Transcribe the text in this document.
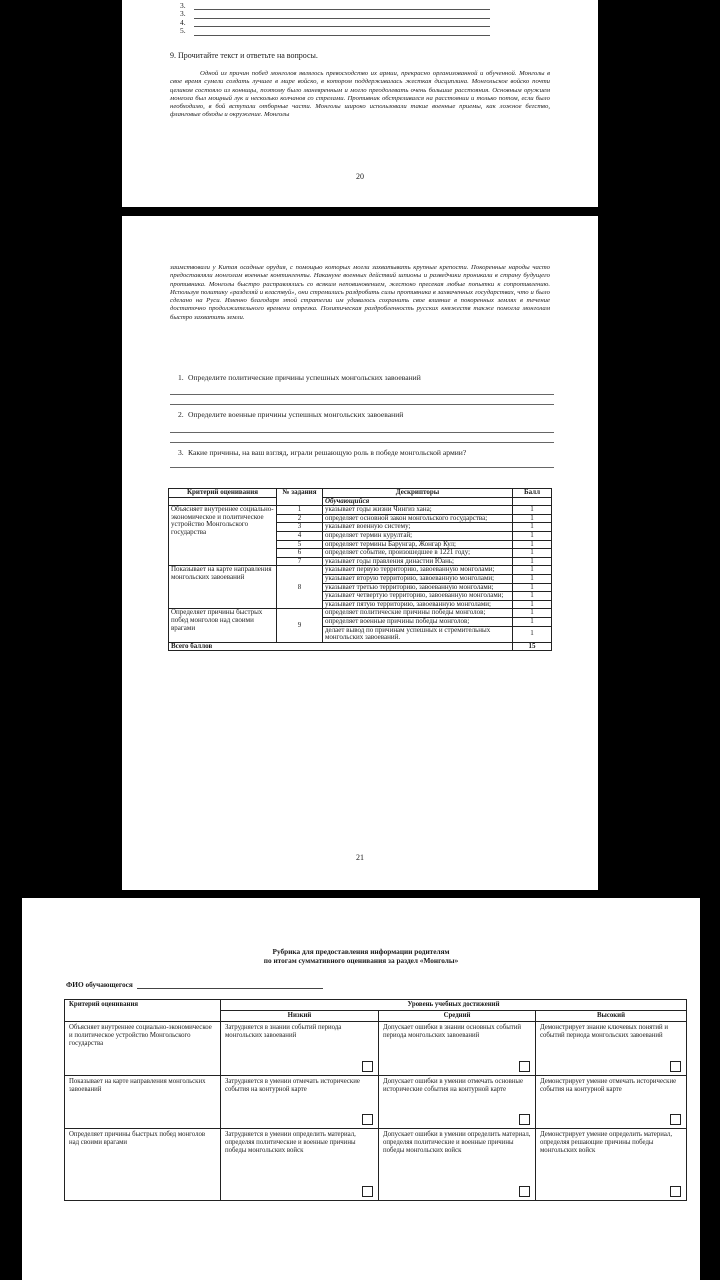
3.
3.
4.
5.
9. Прочитайте текст и ответьте на вопросы.

Одной из причин побед монголов являлось превосходство их армии, прекрасно организованной и обученной. Монголы в свое время сумели создать лучшее в мире войско, в котором поддерживалась жесткая дисциплина. Монгольское войско почти целиком состояло из конницы, поэтому было маневренным и могло преодолевать очень большие расстояния. Основным оружием монгола был мощный лук и несколько колчанов со стрелами. Противник обстреливался на расстоянии и только потом, если было необходимо, в бой вступали отборные части. Монголы широко использовали такие военные приемы, как ложное бегство, фланговые обходы и окружение. Монголы

20

заимствовали у Китая осадные орудия, с помощью которых могли захватывать крупные крепости. Покоренные народы часто предоставляли монголам военные контингенты. Накануне военных действий шпионы и разведчики проникали в страну будущего противника. Монголы быстро расправлялись со всяким неповиновением, жестоко пресекая любые попытки к сопротивлению. Используя политику «разделяй и властвуй», они стремились раздробить силы противника в захваченных государствах, что и было сделано на Руси. Именно благодаря этой стратегии им удавалось сохранить свое влияние в покоренных землях в течение достаточно продолжительного времени отрезка. Политическая раздробленность русских княжеств также помогла монголам быстро захватить земли.

1. Определите политические причины успешных монгольских завоеваний
2. Определите военные причины успешных монгольских завоеваний
3. Какие причины, на ваш взгляд, играли решающую роль в победе монгольской армии?
Критерий оценивания	№ задания	Дескрипторы	Балл
		Обучающийся	
Объясняет внутреннее социально-экономическое и политическое устройство Монгольского государства	1	указывает годы жизни Чингиз хана;	1
	2	определяет основной закон монгольского государства;	1
	3	указывает военную систему;	1
	4	определяет термин курултай;	1
	5	определяет термины Барунгар, Жонгар Кул;	1
	6	определяет событие, произошедшее в 1221 году;	1
	7	указывает годы правления династии Юань;	1
Показывает на карте направления монгольских завоеваний	8	указывает первую территорию, завоеванную монголами;	1
		указывает вторую территорию, завоеванную монголами;	1
		указывает третью территорию, завоеванную монголами;	1
		указывает четвертую территорию, завоеванную монголами;	1
		указывает пятую территорию, завоеванную монголами;	1
Определяет причины быстрых побед монголов над своими врагами	9	определяет политические причины победы монголов;	1
		определяет военные причины победы монголов;	1
		делает вывод по причинам успешных и стремительных монгольских завоеваний.	1
Всего баллов			15
21
Рубрика для предоставления информации родителям
по итогам суммативного оценивания за раздел «Монголы»
ФИО обучающегося
Критерий оценивания	Уровень учебных достижений		
	Низкий	Средний	Высокий
Объясняет внутреннее социально-экономическое и политическое устройство Монгольского государства	Затрудняется в знании событий периода монгольских завоеваний	Допускает ошибки в знании основных событий периода монгольских завоеваний	Демонстрирует знание ключевых понятий и событий периода монгольских завоеваний

Показывает на карте направления монгольских завоеваний	Затрудняется в умении отмечать исторические события на контурной карте	Допускает ошибки в умении отмечать основные исторические события на контурной карте	Демонстрирует умение отмечать исторические события на контурной карте

Определяет причины быстрых побед монголов над своими врагами	Затрудняется в умении определить материал, определяя политические и военные причины победы монгольских войск	Допускает ошибки в умении определить материал, определяя политические и военные причины победы монгольских войск	Демонстрирует умение определить материал, определяя решающие причины победы монгольских войск
